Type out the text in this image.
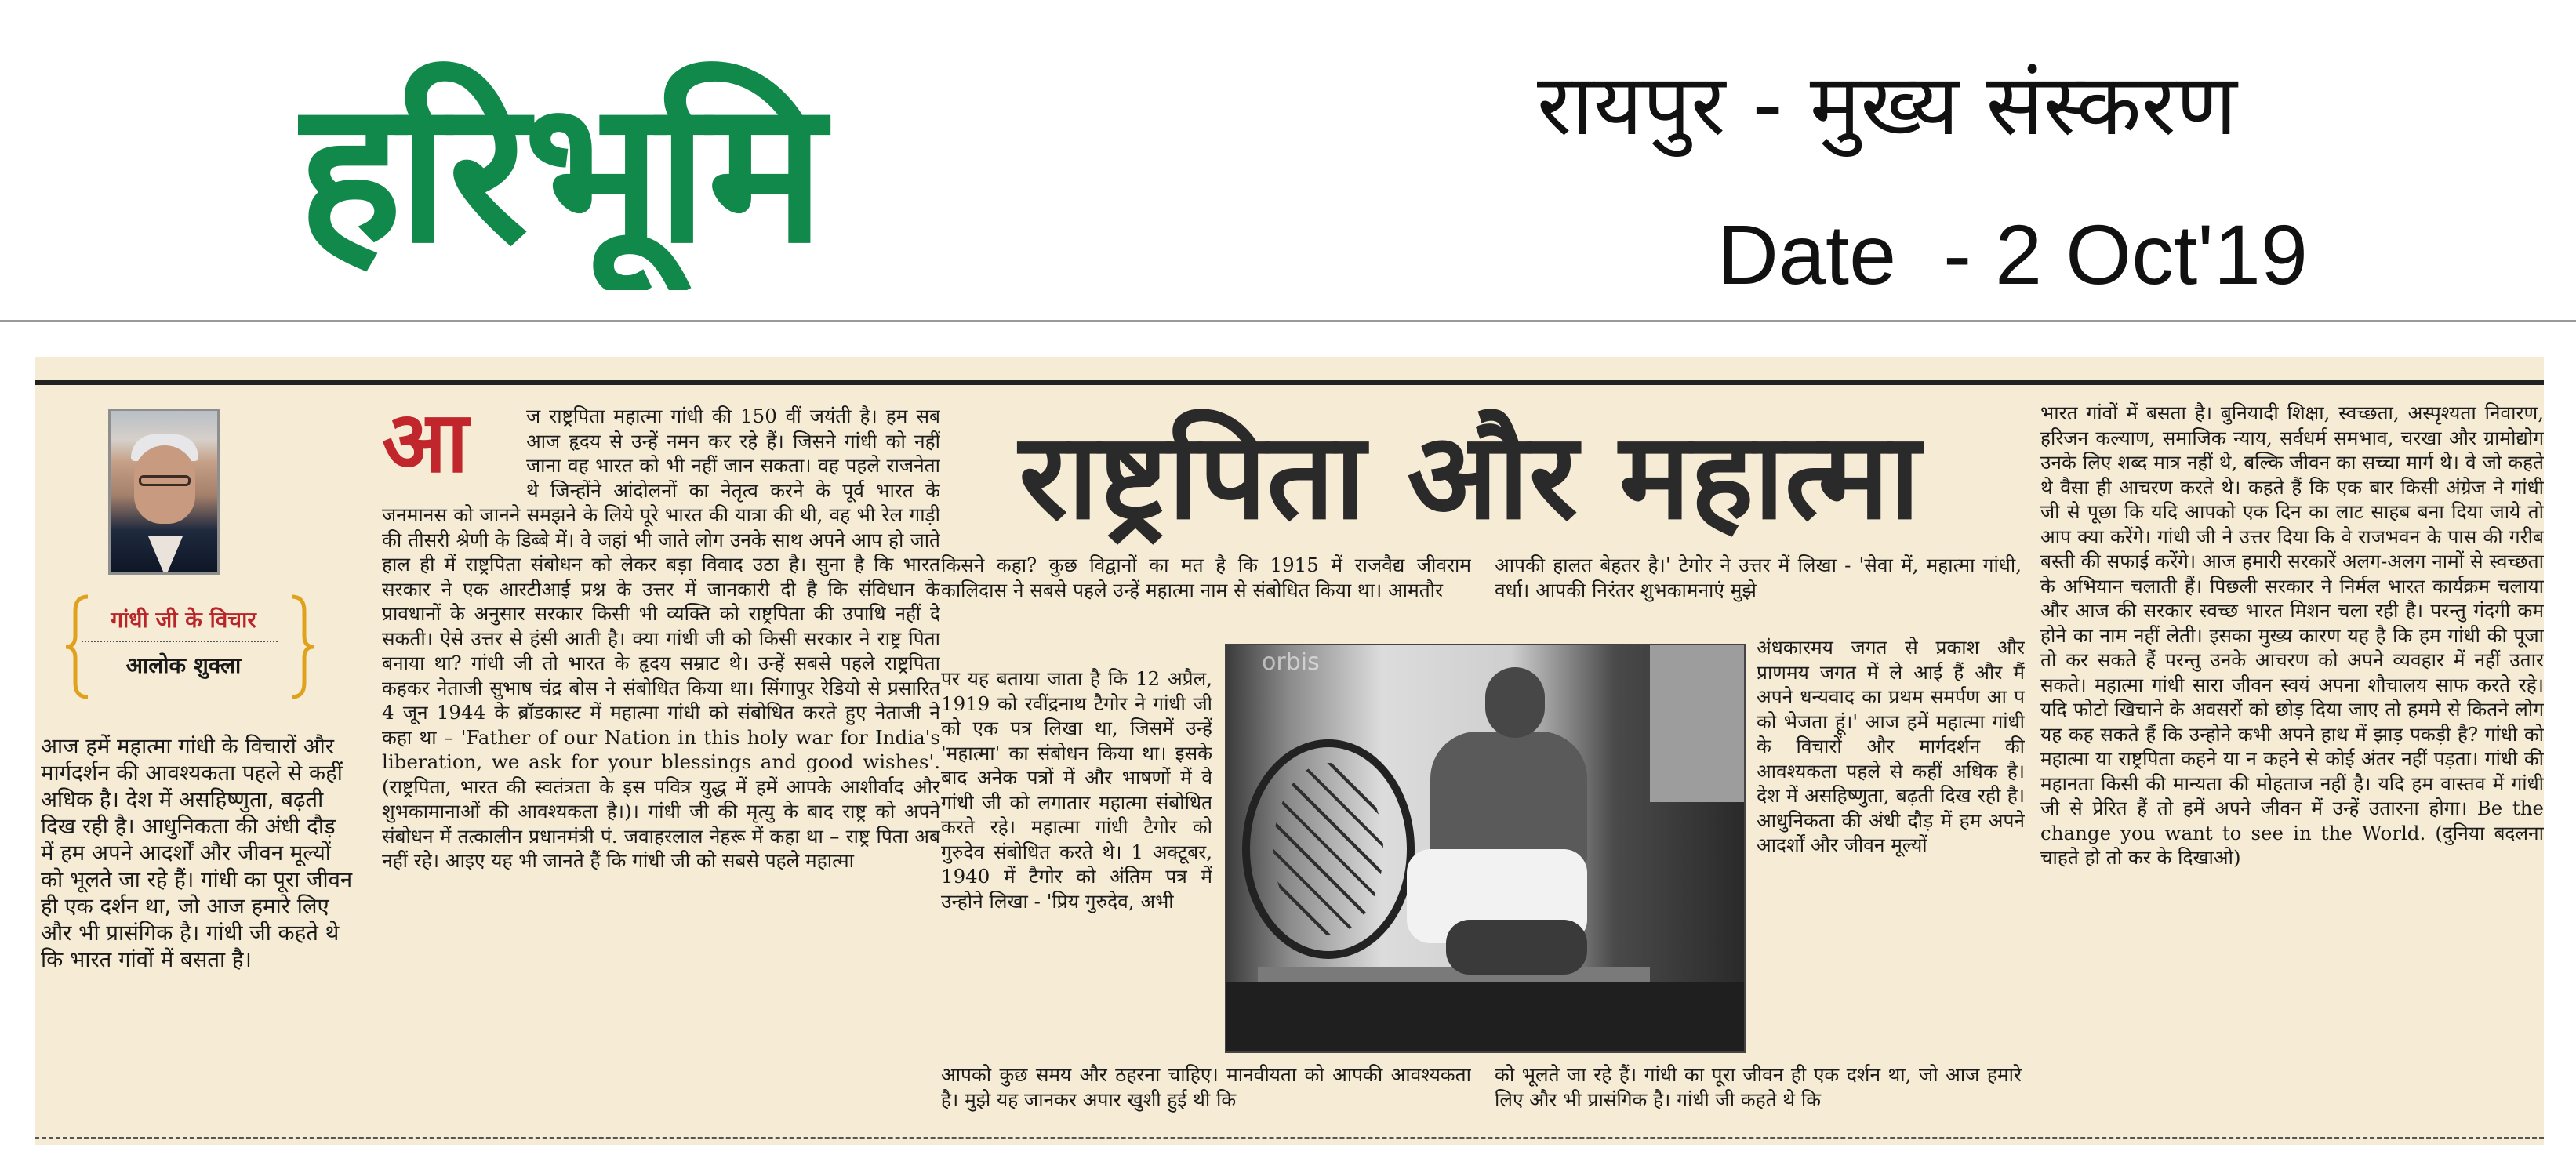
हरिभूमि	रायपुर - मुख्य संस्करण
Date  - 2 Oct'19
गांधी जी के विचार
आलोक शुक्ला
आज हमें महात्मा गांधी के विचारों और मार्गदर्शन की आवश्यकता पहले से कहीं अधिक है। देश में असहिष्णुता, बढ़ती दिख रही है। आधुनिकता की अंधी दौड़ में हम अपने आदर्शों और जीवन मूल्यों को भूलते जा रहे हैं। गांधी का पूरा जीवन ही एक दर्शन था, जो आज हमारे लिए और भी प्रासंगिक है। गांधी जी कहते थे कि भारत गांवों में बसता है।
आ	ज राष्ट्रपिता महात्मा गांधी की 150 वीं जयंती है। हम सब आज हृदय से उन्हें नमन कर रहे हैं। जिसने गांधी को नहीं जाना वह भारत को भी नहीं जान सकता। वह पहले राजनेता थे जिन्होंने आंदोलनों का नेतृत्व करने के पूर्व भारत के जनमानस को जानने समझने के लिये पूरे भारत की यात्रा की थी, वह भी रेल गाड़ी की तीसरी श्रेणी के डिब्बे में। वे जहां भी जाते लोग उनके साथ अपने आप हो जाते हाल ही में राष्ट्रपिता संबोधन को लेकर बड़ा विवाद उठा है। सुना है कि भारत सरकार ने एक आरटीआई प्रश्न के उत्तर में जानकारी दी है कि संविधान के प्रावधानों के अनुसार सरकार किसी भी व्यक्ति को राष्ट्रपिता की उपाधि नहीं दे सकती। ऐसे उत्तर से हंसी आती है। क्या गांधी जी को किसी सरकार ने राष्ट्र पिता बनाया था? गांधी जी तो भारत के हृदय सम्राट थे। उन्हें सबसे पहले राष्ट्रपिता कहकर नेताजी सुभाष चंद्र बोस ने संबोधित किया था। सिंगापुर रेडियो से प्रसारित 4 जून 1944 के ब्रॉडकास्ट में महात्मा गांधी को संबोधित करते हुए नेताजी ने कहा था – 'Father of our Nation in this holy war for India's liberation, we ask for your blessings and good wishes'. (राष्ट्रपिता, भारत की स्वतंत्रता के इस पवित्र युद्ध में हमें आपके आशीर्वाद और शुभकामानाओं की आवश्यकता है।)। गांधी जी की मृत्यु के बाद राष्ट्र को अपने संबोधन में तत्कालीन प्रधानमंत्री पं. जवाहरलाल नेहरू में कहा था – राष्ट्र पिता अब नहीं रहे। आइए यह भी जानते हैं कि गांधी जी को सबसे पहले महात्मा
राष्ट्रपिता और महात्मा
किसने कहा? कुछ विद्वानों का मत है कि 1915 में राजवैद्य जीवराम कालिदास ने सबसे पहले उन्हें महात्मा नाम से संबोधित किया था। आमतौर
आपकी हालत बेहतर है।' टेगोर ने उत्तर में लिखा - 'सेवा में, महात्मा गांधी, वर्धा। आपकी निरंतर शुभकामनाएं मुझे
पर यह बताया जाता है कि 12 अप्रैल, 1919 को रवींद्रनाथ टैगोर ने गांधी जी को एक पत्र लिखा था, जिसमें उन्हें 'महात्मा' का संबोधन किया था। इसके बाद अनेक पत्रों में और भाषणों में वे गांधी जी को लगातार महात्मा संबोधित करते रहे। महात्मा गांधी टैगोर को गुरुदेव संबोधित करते थे। 1 अक्टूबर, 1940 में टैगोर को अंतिम पत्र में उन्होने लिखा - 'प्रिय गुरुदेव, अभी
अंधकारमय जगत से प्रकाश और प्राणमय जगत में ले आई हैं और मैं अपने धन्यवाद का प्रथम समर्पण आ प को भेजता हूं।' आज हमें महात्मा गांधी के विचारों और मार्गदर्शन की आवश्यकता पहले से कहीं अधिक है। देश में असहिष्णुता, बढ़ती दिख रही है। आधुनिकता की अंधी दौड़ में हम अपने आदर्शों और जीवन मूल्यों
आपको कुछ समय और ठहरना चाहिए। मानवीयता को आपकी आवश्यकता है। मुझे यह जानकर अपार खुशी हुई थी कि
को भूलते जा रहे हैं। गांधी का पूरा जीवन ही एक दर्शन था, जो आज हमारे लिए और भी प्रासंगिक है। गांधी जी कहते थे कि
orbis
भारत गांवों में बसता है। बुनियादी शिक्षा, स्वच्छता, अस्पृश्यता निवारण, हरिजन कल्याण, समाजिक न्याय, सर्वधर्म समभाव, चरखा और ग्रामोद्योग उनके लिए शब्द मात्र नहीं थे, बल्कि जीवन का सच्चा मार्ग थे। वे जो कहते थे वैसा ही आचरण करते थे। कहते हैं कि एक बार किसी अंग्रेज ने गांधी जी से पूछा कि यदि आपको एक दिन का लाट साहब बना दिया जाये तो आप क्या करेंगे। गांधी जी ने उत्तर दिया कि वे राजभवन के पास की गरीब बस्ती की सफाई करेंगे। आज हमारी सरकारें अलग-अलग नामों से स्वच्छता के अभियान चलाती हैं। पिछली सरकार ने निर्मल भारत कार्यक्रम चलाया और आज की सरकार स्वच्छ भारत मिशन चला रही है। परन्तु गंदगी कम होने का नाम नहीं लेती। इसका मुख्य कारण यह है कि हम गांधी की पूजा तो कर सकते हैं परन्तु उनके आचरण को अपने व्यवहार में नहीं उतार सकते। महात्मा गांधी सारा जीवन स्वयं अपना शौचालय साफ करते रहे। यदि फोटो खिचाने के अवसरों को छोड़ दिया जाए तो हममे से कितने लोग यह कह सकते हैं कि उन्होने कभी अपने हाथ में झाड़ पकड़ी है? गांधी को महात्मा या राष्ट्रपिता कहने या न कहने से कोई अंतर नहीं पड़ता। गांधी की महानता किसी की मान्यता की मोहताज नहीं है। यदि हम वास्तव में गांधी जी से प्रेरित हैं तो हमें अपने जीवन में उन्हें उतारना होगा। Be the change you want to see in the World. (दुनिया बदलना चाहते हो तो कर के दिखाओ)
